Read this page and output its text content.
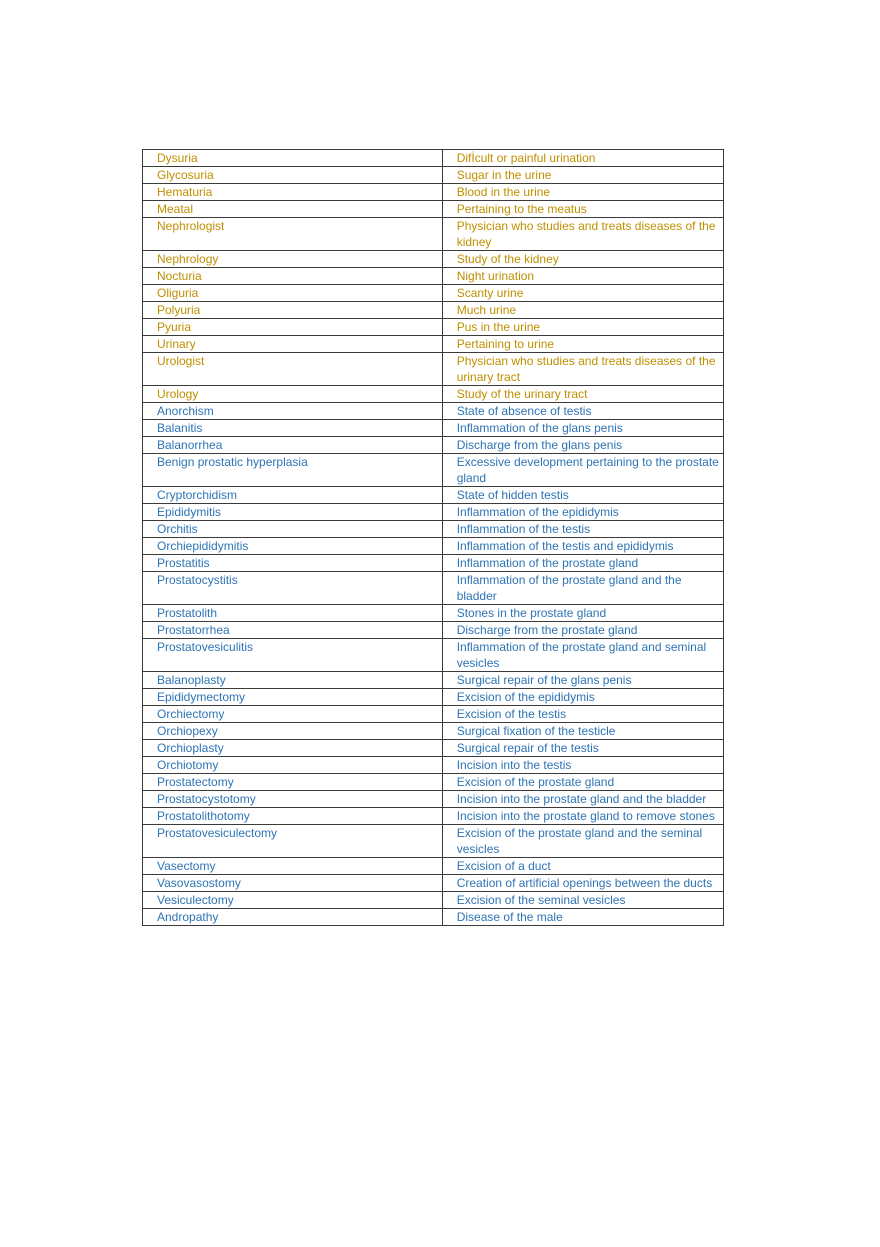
Dysuria	Difİcult or painful urination
Glycosuria	Sugar in the urine
Hematuria	Blood in the urine
Meatal	Pertaining to the meatus
Nephrologist	Physician who studies and treats diseases of the kidney
Nephrology	Study of the kidney
Nocturia	Night urination
Oliguria	Scanty urine
Polyuria	Much urine
Pyuria	Pus in the urine
Urinary	Pertaining to urine
Urologist	Physician who studies and treats diseases of the urinary tract
Urology	Study of the urinary tract
Anorchism	State of absence of testis
Balanitis	Inflammation of the glans penis
Balanorrhea	Discharge from the glans penis
Benign prostatic hyperplasia	Excessive development pertaining to the prostate gland
Cryptorchidism	State of hidden testis
Epididymitis	Inflammation of the epididymis
Orchitis	Inflammation of the testis
Orchiepididymitis	Inflammation of the testis and epididymis
Prostatitis	Inflammation of the prostate gland
Prostatocystitis	Inflammation of the prostate gland and the bladder
Prostatolith	Stones in the prostate gland
Prostatorrhea	Discharge from the prostate gland
Prostatovesiculitis	Inflammation of the prostate gland and seminal vesicles
Balanoplasty	Surgical repair of the glans penis
Epididymectomy	Excision of the epididymis
Orchiectomy	Excision of the testis
Orchiopexy	Surgical fixation of the testicle
Orchioplasty	Surgical repair of the testis
Orchiotomy	Incision into the testis
Prostatectomy	Excision of the prostate gland
Prostatocystotomy	Incision into the prostate gland and the bladder
Prostatolithotomy	Incision into the prostate gland to remove stones
Prostatovesiculectomy	Excision of the prostate gland and the seminal vesicles
Vasectomy	Excision of a duct
Vasovasostomy	Creation of artificial openings between the ducts
Vesiculectomy	Excision of the seminal vesicles
Andropathy	Disease of the male
